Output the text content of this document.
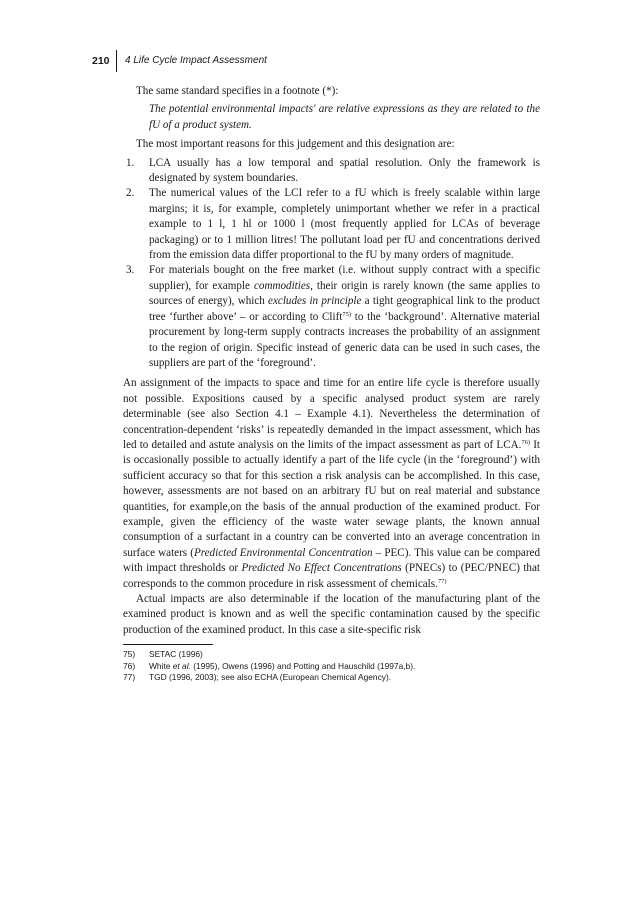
210 4 Life Cycle Impact Assessment

The same standard specifies in a footnote (*):

The potential environmental impacts' are relative expressions as they are related to the fU of a product system.

The most important reasons for this judgement and this designation are:

1. LCA usually has a low temporal and spatial resolution. Only the framework is designated by system boundaries.
2. The numerical values of the LCI refer to a fU which is freely scalable within large margins; it is, for example, completely unimportant whether we refer in a practical example to 1 l, 1 hl or 1000 l (most frequently applied for LCAs of beverage packaging) or to 1 million litres! The pollutant load per fU and concentrations derived from the emission data differ proportional to the fU by many orders of magnitude.
3. For materials bought on the free market (i.e. without supply contract with a specific supplier), for example commodities, their origin is rarely known (the same applies to sources of energy), which excludes in principle a tight geographical link to the product tree ‘further above’ – or according to Clift$^{75)}$ to the ‘background’. Alternative material procurement by long-term supply contracts increases the probability of an assignment to the region of origin. Specific instead of generic data can be used in such cases, the suppliers are part of the ‘foreground’.

An assignment of the impacts to space and time for an entire life cycle is therefore usually not possible. Expositions caused by a specific analysed product system are rarely determinable (see also Section 4.1 – Example 4.1). Nevertheless the determination of concentration-dependent ‘risks’ is repeatedly demanded in the impact assessment, which has led to detailed and astute analysis on the limits of the impact assessment as part of LCA.$^{76)}$ It is occasionally possible to actually identify a part of the life cycle (in the ‘foreground’) with sufficient accuracy so that for this section a risk analysis can be accomplished. In this case, however, assessments are not based on an arbitrary fU but on real material and substance quantities, for example,on the basis of the annual production of the examined product. For example, given the efficiency of the waste water sewage plants, the known annual consumption of a surfactant in a country can be converted into an average concentration in surface waters (Predicted Environmental Concentration – PEC). This value can be compared with impact thresholds or Predicted No Effect Concentrations (PNECs) to (PEC/PNEC) that corresponds to the common procedure in risk assessment of chemicals.$^{77)}$

Actual impacts are also determinable if the location of the manufacturing plant of the examined product is known and as well the specific contamination caused by the specific production of the examined product. In this case a site-specific risk

75) SETAC (1996)
76) White et al. (1995), Owens (1996) and Potting and Hauschild (1997a,b).
77) TGD (1996, 2003); see also ECHA (European Chemical Agency).
